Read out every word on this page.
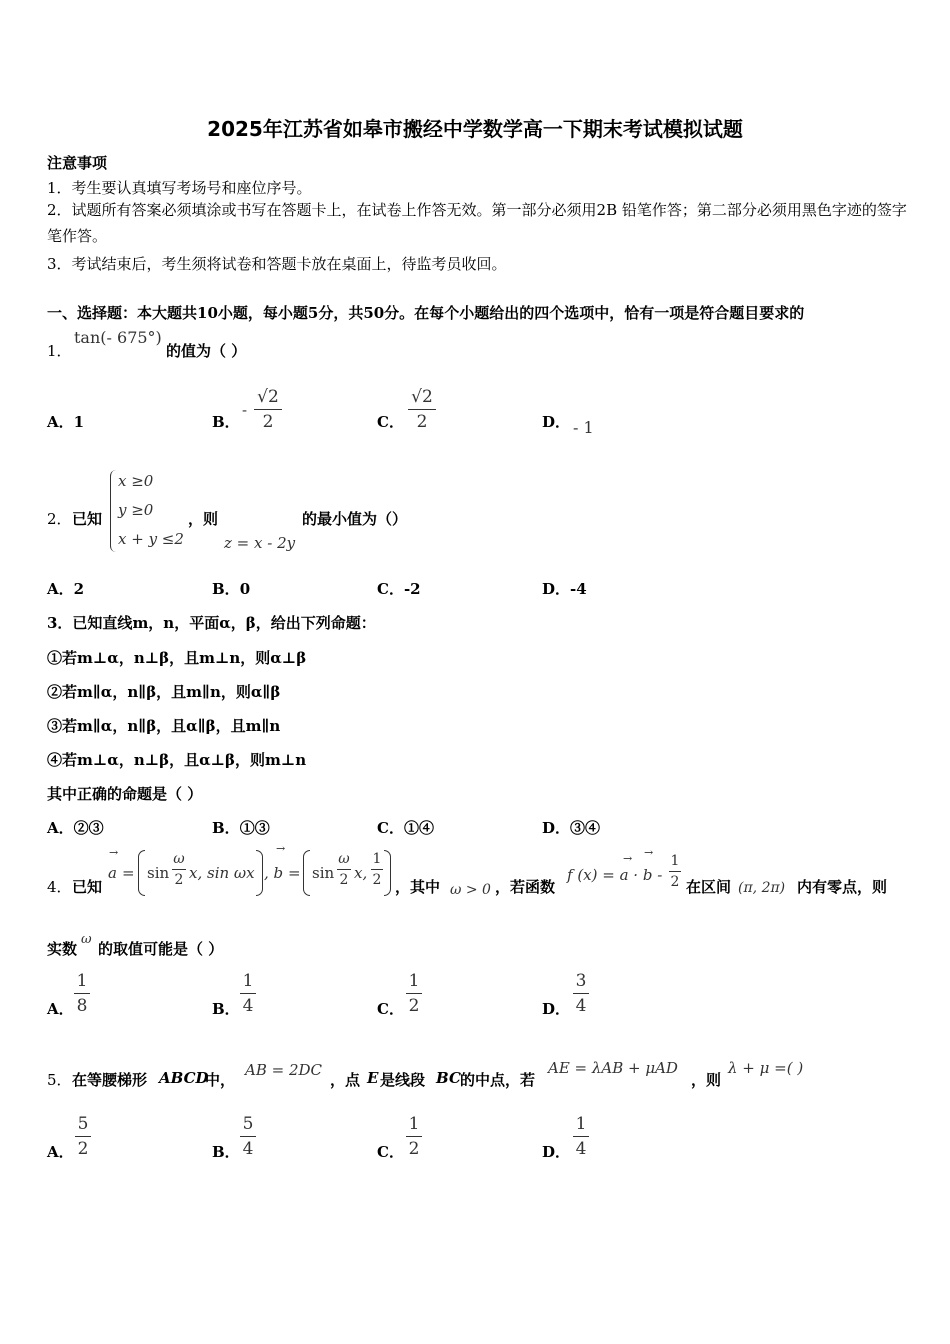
2025年江苏省如皋市搬经中学数学高一下期末考试模拟试题
注意事项
1．考生要认真填写考场号和座位序号。
2．试题所有答案必须填涂或书写在答题卡上，在试卷上作答无效。第一部分必须用2B 铅笔作答；第二部分必须用黑色字迹的签字笔作答。
3．考试结束后，考生须将试卷和答题卡放在桌面上，待监考员收回。
一、选择题：本大题共10小题，每小题5分，共50分。在每个小题给出的四个选项中，恰有一项是符合题目要求的
1．
tan(- 675°)
的值为（ ）
A．1	B．
-
√2
2	C．
√2
2	D． - 1
2． 已知
x ≥0
y ≥0
x + y ≤2
，则
z = x - 2y
的最小值为（）
A．2	B．0	C．-2	D．-4
3．已知直线m，n，平面α，β，给出下列命题：
①若m⊥α，n⊥β，且m⊥n，则α⊥β
②若m∥α，n∥β，且m∥n，则α∥β
③若m∥α，n∥β，且α∥β，且m∥n
④若m⊥α，n⊥β，且α⊥β，则m⊥n
其中正确的命题是（ ）
A．②③	B．①③	C．①④	D．③④
4． 已知
→
a = sin
ω
2 x, sin ωx
→
, b = sin
ω
2 x,
1
2 ，其中 ω > 0 ，若函数
→ →
f (x) = a · b -
1
2 在区间 (π, 2π) 内有零点，则
实数
ω
的取值可能是（ ）
A．
1
8	B．
1
4	C．
1
2	D．
3
4
5． 在等腰梯形 ABCD
中，
AB = 2DC
，点 E 是线段 BC 的中点，若
AE = λAB + μAD
，则
λ + μ =( )
A．
5
2	B．
5
4	C．
1
2	D．
1
4
